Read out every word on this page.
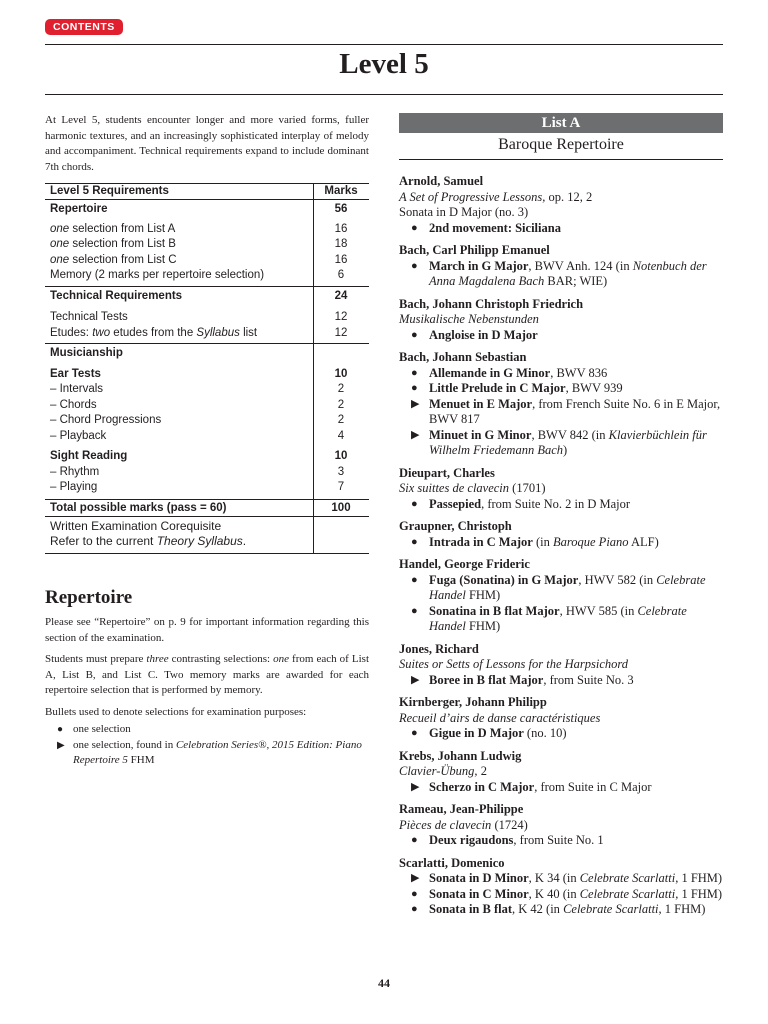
CONTENTS
Level 5

At Level 5, students encounter longer and more varied forms, fuller harmonic textures, and an increasingly sophisticated interplay of melody and accompaniment. Technical requirements expand to include dominant 7th chords.

Level 5 Requirements	Marks
Repertoire	56
one selection from List A	16
one selection from List B	18
one selection from List C	16
Memory (2 marks per repertoire selection)	6
Technical Requirements	24
Technical Tests	12
Etudes: two etudes from the Syllabus list	12
Musicianship
Ear Tests	10
– Intervals	2
– Chords	2
– Chord Progressions	2
– Playback	4
Sight Reading	10
– Rhythm	3
– Playing	7
Total possible marks (pass = 60)	100
Written Examination Corequisite
Refer to the current Theory Syllabus.
Repertoire

Please see “Repertoire” on p. 9 for important information regarding this section of the examination.

Students must prepare three contrasting selections: one from each of List A, List B, and List C. Two memory marks are awarded for each repertoire selection that is performed by memory.

Bullets used to denote selections for examination purposes:

● one selection
▶ one selection, found in Celebration Series®, 2015 Edition: Piano Repertoire 5 FHM
List A
Baroque Repertoire
Arnold, Samuel
A Set of Progressive Lessons, op. 12, 2
Sonata in D Major (no. 3)
● 2nd movement: Siciliana
Bach, Carl Philipp Emanuel
● March in G Major, BWV Anh. 124 (in Notenbuch der Anna Magdalena Bach BAR; WIE)
Bach, Johann Christoph Friedrich
Musikalische Nebenstunden
● Angloise in D Major
Bach, Johann Sebastian
● Allemande in G Minor, BWV 836
● Little Prelude in C Major, BWV 939
▶ Menuet in E Major, from French Suite No. 6 in E Major, BWV 817
▶ Minuet in G Minor, BWV 842 (in Klavierbüchlein für Wilhelm Friedemann Bach)
Dieupart, Charles
Six suittes de clavecin (1701)
● Passepied, from Suite No. 2 in D Major
Graupner, Christoph
● Intrada in C Major (in Baroque Piano ALF)
Handel, George Frideric
● Fuga (Sonatina) in G Major, HWV 582 (in Celebrate Handel FHM)
● Sonatina in B flat Major, HWV 585 (in Celebrate Handel FHM)
Jones, Richard
Suites or Setts of Lessons for the Harpsichord
▶ Boree in B flat Major, from Suite No. 3
Kirnberger, Johann Philipp
Recueil d’airs de danse caractéristiques
● Gigue in D Major (no. 10)
Krebs, Johann Ludwig
Clavier-Übung, 2
▶ Scherzo in C Major, from Suite in C Major
Rameau, Jean-Philippe
Pièces de clavecin (1724)
● Deux rigaudons, from Suite No. 1
Scarlatti, Domenico
▶ Sonata in D Minor, K 34 (in Celebrate Scarlatti, 1 FHM)
● Sonata in C Minor, K 40 (in Celebrate Scarlatti, 1 FHM)
● Sonata in B flat, K 42 (in Celebrate Scarlatti, 1 FHM)
44
